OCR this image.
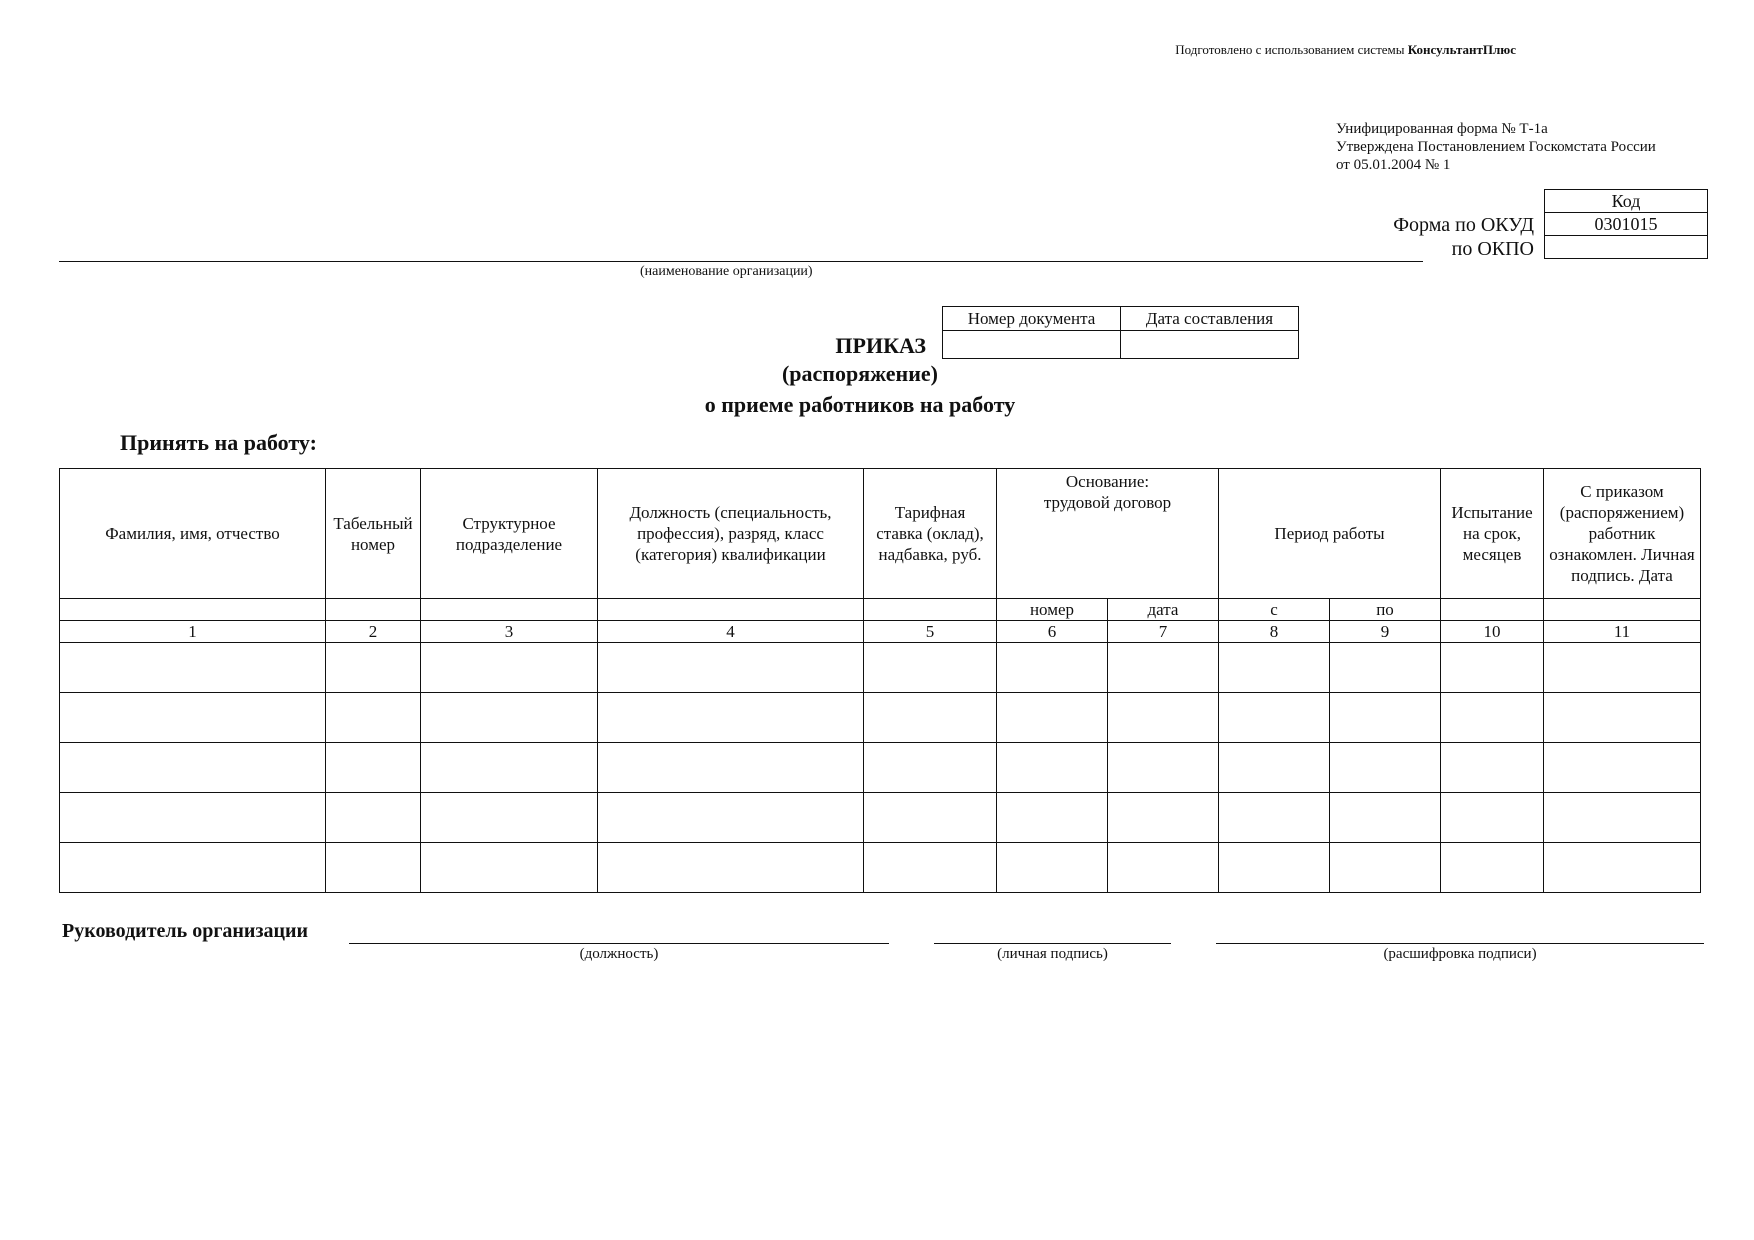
Подготовлено с использованием системы КонсультантПлюс
Унифицированная форма № Т-1а
Утверждена Постановлением Госкомстата России
от 05.01.2004 № 1
Код
0301015

Форма по ОКУД
по ОКПО
(наименование организации)
Номер документа	Дата составления

ПРИКАЗ
(распоряжение)
о приеме работников на работу
Принять на работу:
Фамилия, имя, отчество	Табельный номер	Структурное подразделение	Должность (специальность, профессия), разряд, класс (категория) квалификации	Тарифная ставка (оклад), надбавка, руб.	Основание: трудовой договор		Период работы		Испытание на срок, месяцев	С приказом (распоряжением) работник ознакомлен. Личная подпись. Дата
					номер	дата	с	по		
1	2	3	4	5	6	7	8	9	10	11

Руководитель организации
(должность)	(личная подпись)	(расшифровка подписи)
